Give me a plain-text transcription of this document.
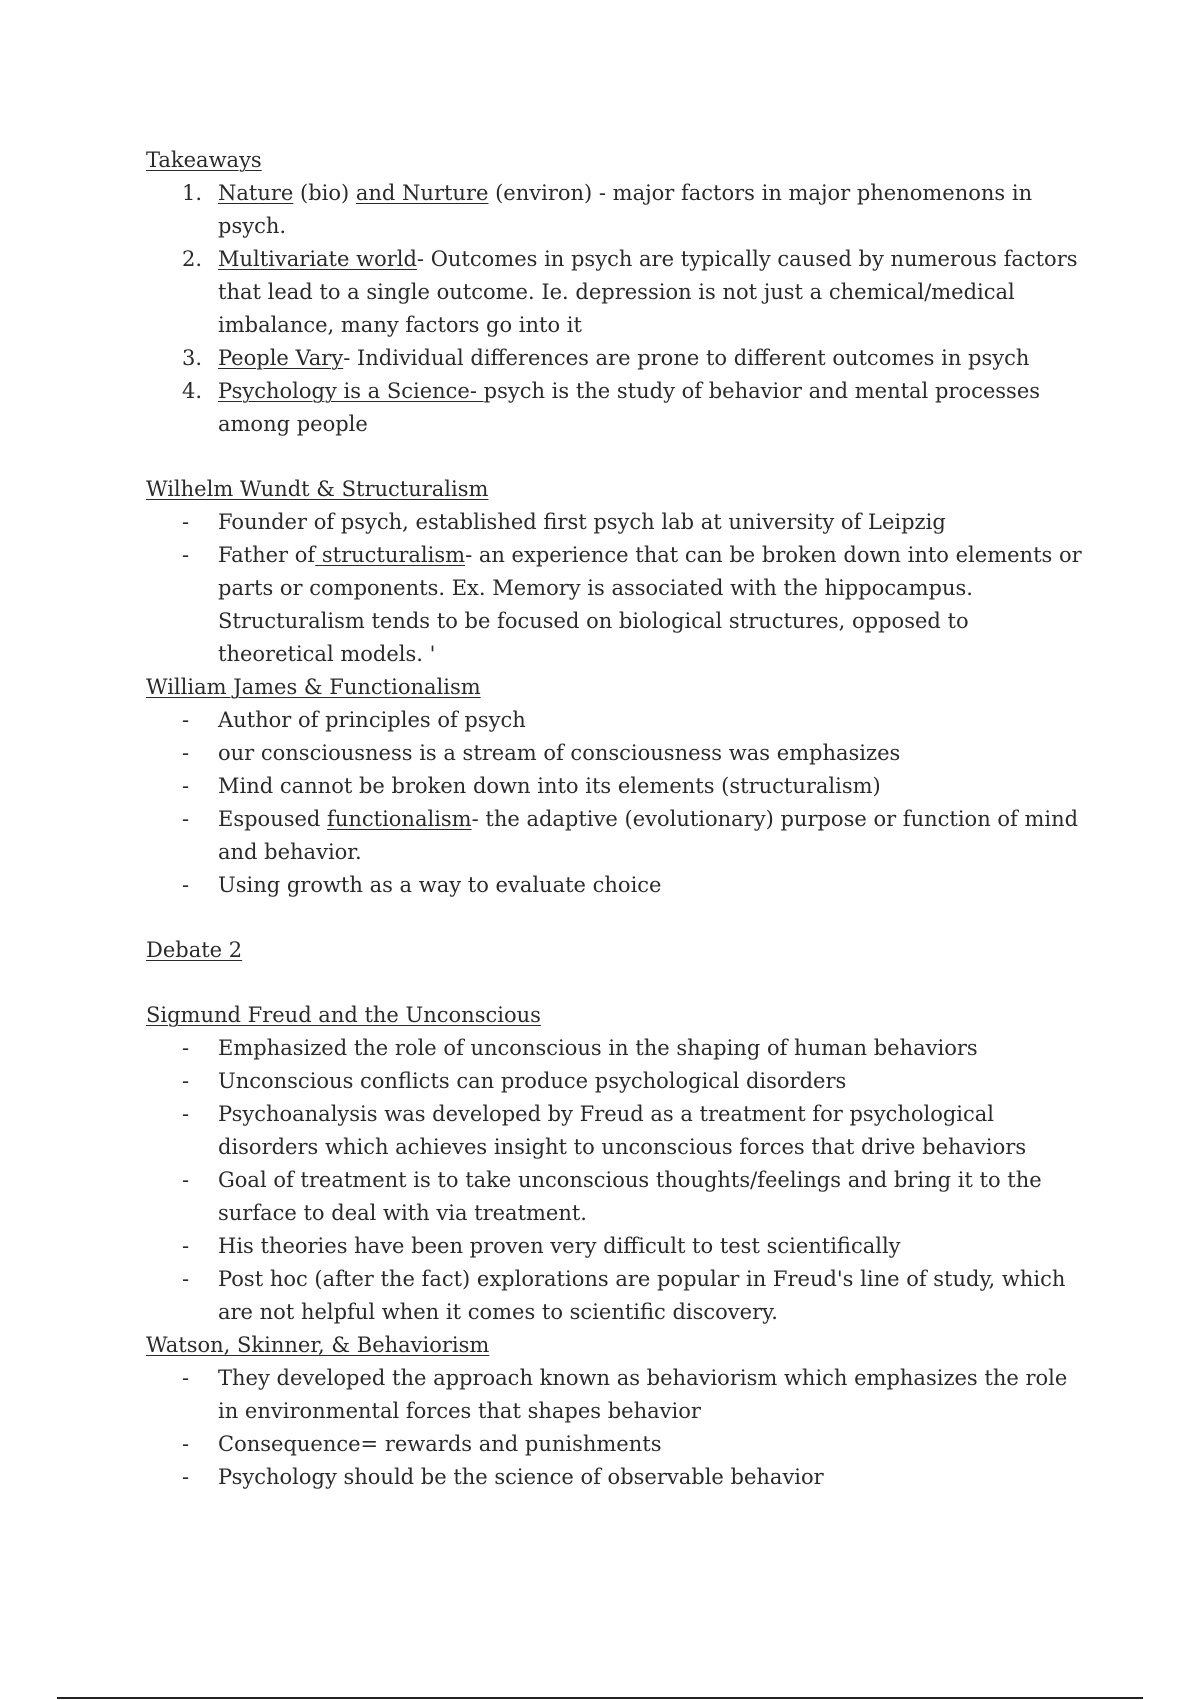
Takeaways
1. Nature (bio) and Nurture (environ) - major factors in major phenomenons in psych.
2. Multivariate world- Outcomes in psych are typically caused by numerous factors that lead to a single outcome. Ie. depression is not just a chemical/medical imbalance, many factors go into it
3. People Vary- Individual differences are prone to different outcomes in psych
4. Psychology is a Science- psych is the study of behavior and mental processes among people
Wilhelm Wundt & Structuralism
-	Founder of psych, established first psych lab at university of Leipzig
-	Father of structuralism- an experience that can be broken down into elements or parts or components. Ex. Memory is associated with the hippocampus. Structuralism tends to be focused on biological structures, opposed to theoretical models. '
William James & Functionalism
-	Author of principles of psych
-	our consciousness is a stream of consciousness was emphasizes
-	Mind cannot be broken down into its elements (structuralism)
-	Espoused functionalism- the adaptive (evolutionary) purpose or function of mind and behavior.
-	Using growth as a way to evaluate choice
Debate 2
Sigmund Freud and the Unconscious
-	Emphasized the role of unconscious in the shaping of human behaviors
-	Unconscious conflicts can produce psychological disorders
-	Psychoanalysis was developed by Freud as a treatment for psychological disorders which achieves insight to unconscious forces that drive behaviors
-	Goal of treatment is to take unconscious thoughts/feelings and bring it to the surface to deal with via treatment.
-	His theories have been proven very difficult to test scientifically
-	Post hoc (after the fact) explorations are popular in Freud's line of study, which are not helpful when it comes to scientific discovery.
Watson, Skinner, & Behaviorism
-	They developed the approach known as behaviorism which emphasizes the role in environmental forces that shapes behavior
-	Consequence= rewards and punishments
-	Psychology should be the science of observable behavior
